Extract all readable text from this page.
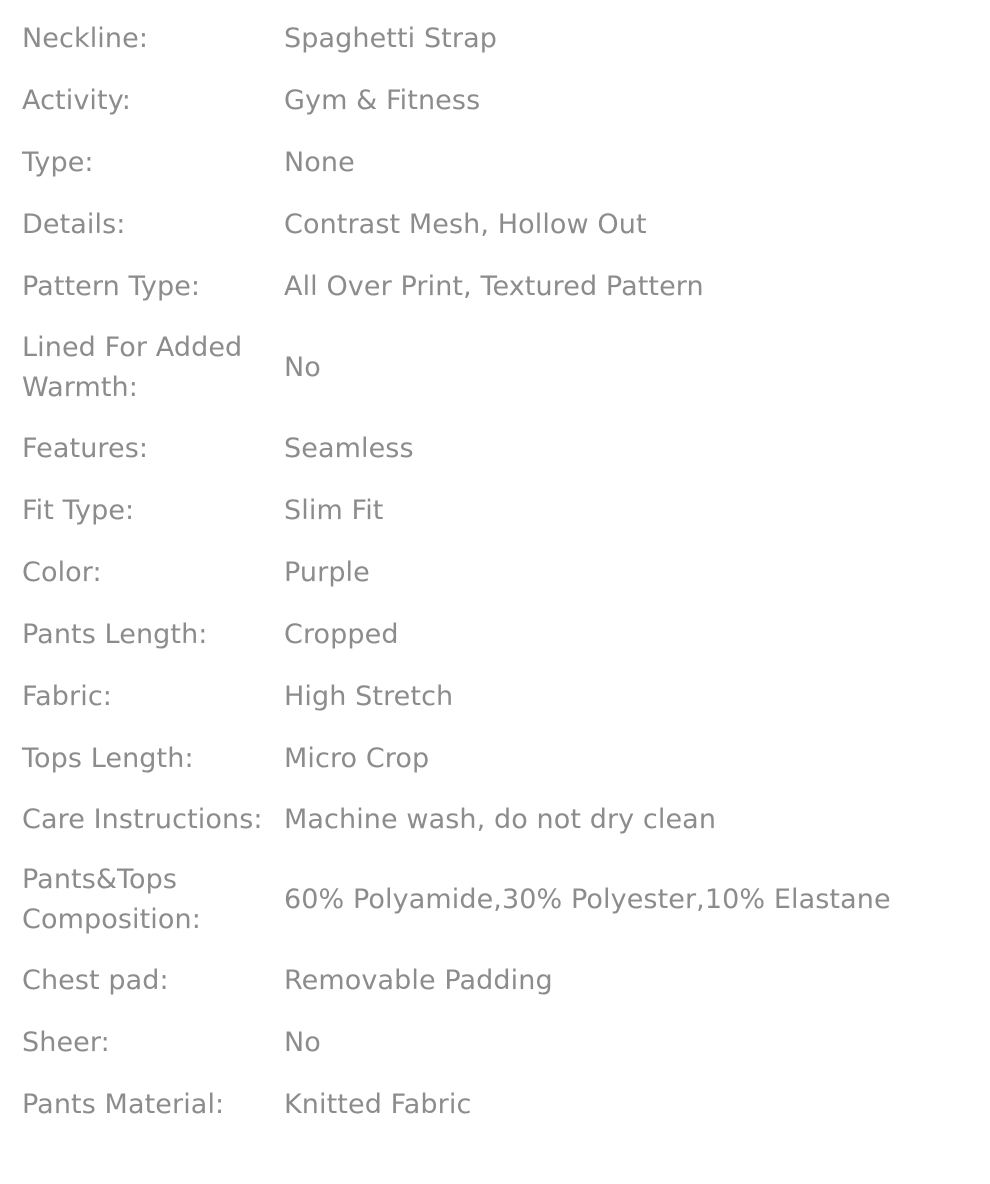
Neckline:	Spaghetti Strap
Activity:	Gym & Fitness
Type:	None
Details:	Contrast Mesh, Hollow Out
Pattern Type:	All Over Print, Textured Pattern
Lined For Added Warmth:
No
Features:	Seamless
Fit Type:	Slim Fit
Color:	Purple
Pants Length:	Cropped
Fabric:	High Stretch
Tops Length:	Micro Crop
Care Instructions: Machine wash, do not dry clean
Pants&Tops Composition:
60% Polyamide,30% Polyester,10% Elastane
Chest pad:	Removable Padding
Sheer:	No
Pants Material:	Knitted Fabric
